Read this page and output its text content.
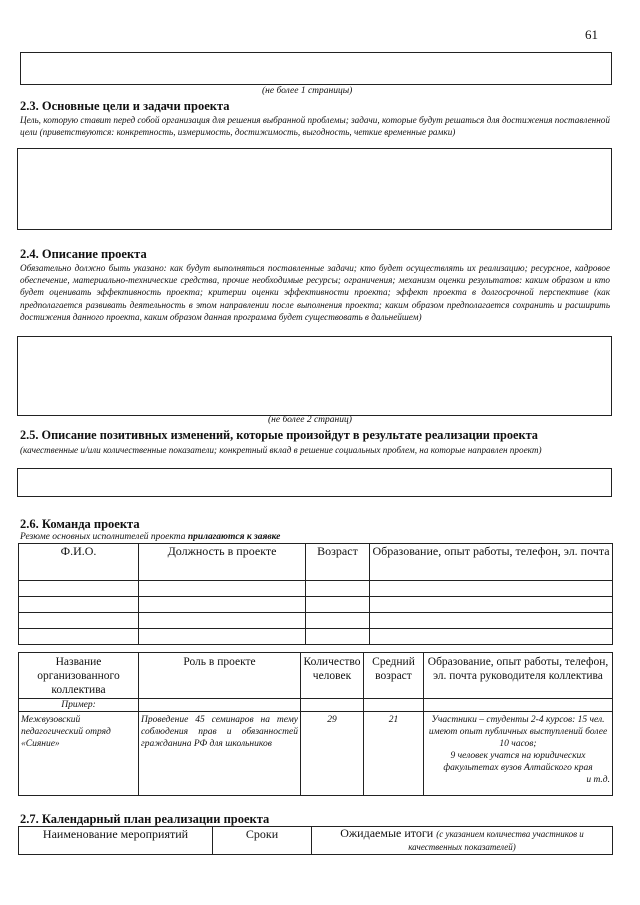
61
(не более 1 страницы)
2.3. Основные цели и задачи проекта
Цель, которую ставит перед собой организация для решения выбранной проблемы; задачи, которые будут решаться для достижения поставленной цели (приветствуются: конкретность, измеримость, достижимость, выгодность, четкие временные рамки)
2.4. Описание проекта
Обязательно должно быть указано: как будут выполняться поставленные задачи; кто будет осуществлять их реализацию; ресурсное, кадровое обеспечение, материально-технические средства, прочие необходимые ресурсы; ограничения; механизм оценки результатов: каким образом и кто будет оценивать эффективность проекта; критерии оценки эффективности проекта; эффект проекта в долгосрочной перспективе (как предполагается развивать деятельность в этом направлении после выполнения проекта; каким образом предполагается сохранить и расширить достижения данного проекта, каким образом данная программа будет существовать в дальнейшем)
(не более 2 страниц)
2.5. Описание позитивных изменений, которые произойдут в результате реализации проекта
(качественные и/или количественные показатели; конкретный вклад в решение социальных проблем, на которые направлен проект)
2.6. Команда проекта
Резюме основных исполнителей проекта прилагаются к заявке
Ф.И.О.	Должность в проекте	Возраст	Образование, опыт работы, телефон, эл. почта

Название организованного коллектива	Роль в проекте	Количество человек	Средний возраст	Образование, опыт работы, телефон, эл. почта руководителя коллектива
Пример:				
Межвузовский педагогический отряд «Сияние»	Проведение 45 семинаров на тему соблюдения прав и обязанностей гражданина РФ для школьников	29	21	Участники – студенты 2-4 курсов: 15 чел. имеют опыт публичных выступлений более 10 часов;
9 человек учатся на юридических факультетах вузов Алтайского края
и т.д.
2.7. Календарный план реализации проекта
Наименование мероприятий	Сроки	Ожидаемые итоги (с указанием количества участников и качественных показателей)
